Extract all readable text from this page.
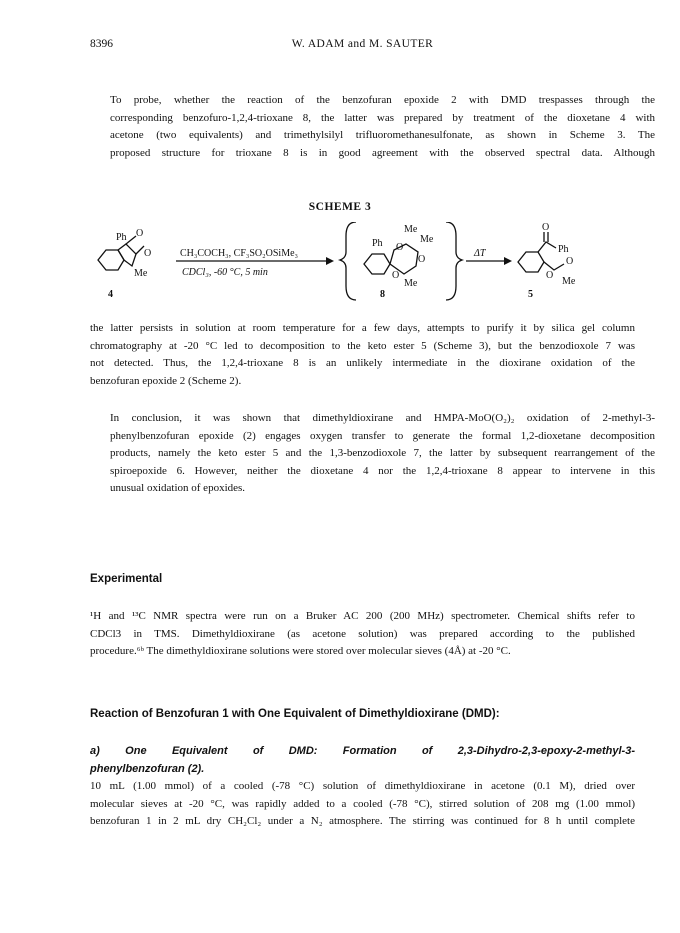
8396	W. ADAM and M. SAUTER

To probe, whether the reaction of the benzofuran epoxide 2 with DMD trespasses through the
corresponding benzofuro-1,2,4-trioxane 8, the latter was prepared by treatment of the dioxetane 4 with
acetone (two equivalents) and trimethylsilyl trifluoromethanesulfonate, as shown in Scheme 3. The
proposed structure for trioxane 8 is in good agreement with the observed spectral data. Although

SCHEME 3
Ph O
O
Me
4
CH₃COCH₃, CF₃SO₂OSiMe₃
CDCl₃, -60 °C, 5 min
Ph
Me
Me
O
O
O
Me
8
ΔT
O
Ph
O
O
Me
5

the latter persists in solution at room temperature for a few days, attempts to purify it by silica gel column
chromatography at -20 °C led to decomposition to the keto ester 5 (Scheme 3), but the benzodioxole 7 was
not detected. Thus, the 1,2,4-trioxane 8 is an unlikely intermediate in the dioxirane oxidation of the
benzofuran epoxide 2 (Scheme 2).

In conclusion, it was shown that dimethyldioxirane and HMPA-MoO(O₂)₂ oxidation of 2-methyl-3-
phenylbenzofuran epoxide (2) engages oxygen transfer to generate the formal 1,2-dioxetane decomposition
products, namely the keto ester 5 and the 1,3-benzodioxole 7, the latter by subsequent rearrangement of the
spiroepoxide 6. However, neither the dioxetane 4 nor the 1,2,4-trioxane 8 appear to intervene in this
unusual oxidation of epoxides.

Experimental

¹H and ¹³C NMR spectra were run on a Bruker AC 200 (200 MHz) spectrometer. Chemical shifts refer to
CDCl3 in TMS. Dimethyldioxirane (as acetone solution) was prepared according to the published
procedure.⁶ᵇ The dimethyldioxirane solutions were stored over molecular sieves (4Å) at -20 °C.

Reaction of Benzofuran 1 with One Equivalent of Dimethyldioxirane (DMD):
a) One Equivalent of DMD: Formation of 2,3-Dihydro-2,3-epoxy-2-methyl-3-
phenylbenzofuran (2).

10 mL (1.00 mmol) of a cooled (-78 °C) solution of dimethyldioxirane in acetone (0.1 M), dried over
molecular sieves at -20 °C, was rapidly added to a cooled (-78 °C), stirred solution of 208 mg (1.00 mmol)
benzofuran 1 in 2 mL dry CH₂Cl₂ under a N₂ atmosphere. The stirring was continued for 8 h until complete
